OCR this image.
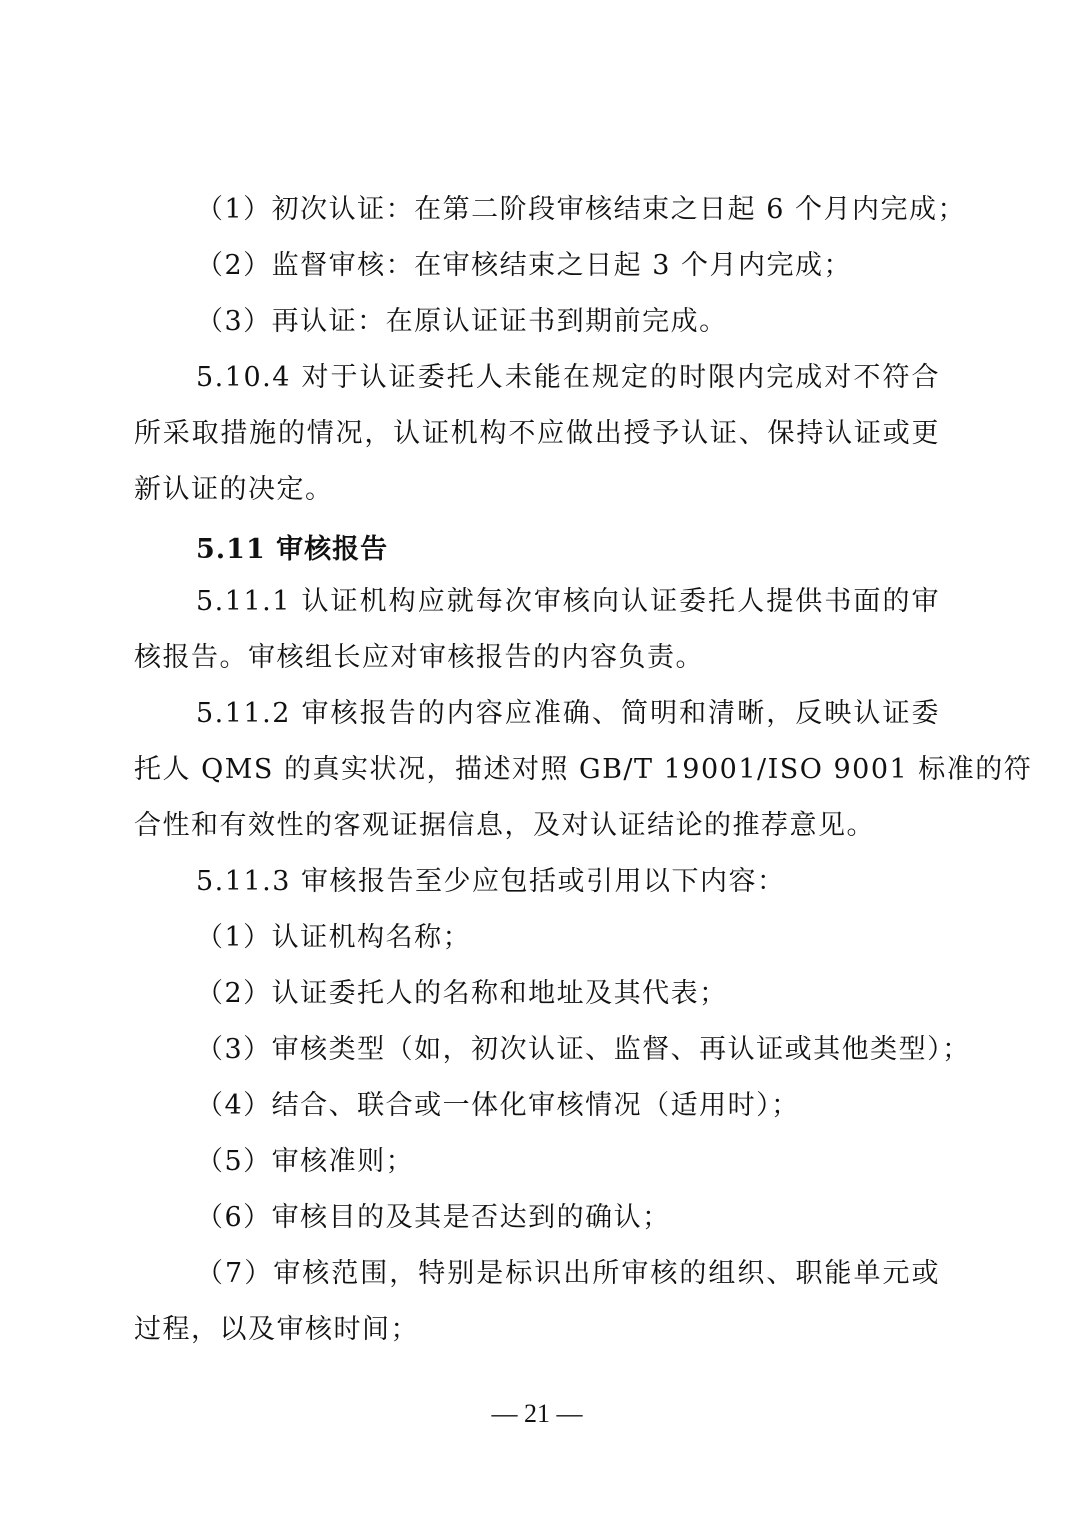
（1）初次认证：在第二阶段审核结束之日起 6 个月内完成；
（2）监督审核：在审核结束之日起 3 个月内完成；
（3）再认证：在原认证证书到期前完成。
5.10.4 对于认证委托人未能在规定的时限内完成对不符合
所采取措施的情况，认证机构不应做出授予认证、保持认证或更
新认证的决定。
5.11 审核报告
5.11.1 认证机构应就每次审核向认证委托人提供书面的审
核报告。审核组长应对审核报告的内容负责。
5.11.2 审核报告的内容应准确、简明和清晰，反映认证委
托人 QMS 的真实状况，描述对照 GB/T 19001/ISO 9001 标准的符
合性和有效性的客观证据信息，及对认证结论的推荐意见。
5.11.3 审核报告至少应包括或引用以下内容：
（1）认证机构名称；
（2）认证委托人的名称和地址及其代表；
（3）审核类型（如，初次认证、监督、再认证或其他类型）；
（4）结合、联合或一体化审核情况（适用时）；
（5）审核准则；
（6）审核目的及其是否达到的确认；
（7）审核范围，特别是标识出所审核的组织、职能单元或
过程，以及审核时间；
— 21 —
